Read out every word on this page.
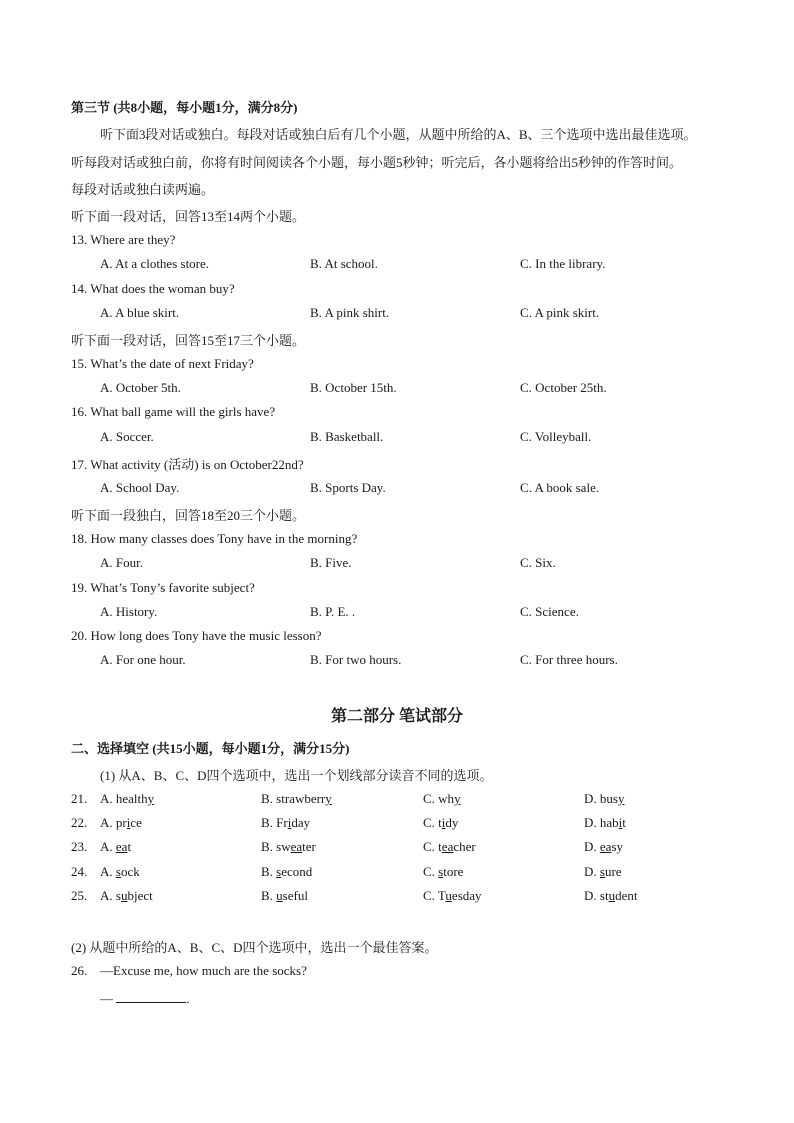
第三节 (共8小题，每小题1分，满分8分)
听下面3段对话或独白。每段对话或独白后有几个小题，从题中所给的A、B、三个选项中选出最佳选项。
听每段对话或独白前，你将有时间阅读各个小题，每小题5秒钟；听完后，各小题将给出5秒钟的作答时间。
每段对话或独白读两遍。
听下面一段对话，回答13至14两个小题。
13. Where are they?
A. At a clothes store.	B. At school.	C. In the library.
14. What does the woman buy?
A. A blue skirt.	B. A pink shirt.	C. A pink skirt.
听下面一段对话，回答15至17三个小题。
15. What’s the date of next Friday?
A. October 5th.	B. October 15th.	C. October 25th.
16. What ball game will the girls have?
A. Soccer.	B. Basketball.	C. Volleyball.
17. What activity (活动) is on October22nd?
A. School Day.	B. Sports Day.	C. A book sale.
听下面一段独白，回答18至20三个小题。
18. How many classes does Tony have in the morning?
A. Four.	B. Five.	C. Six.
19. What’s Tony’s favorite subject?
A. History.	B. P. E. .	C. Science.
20. How long does Tony have the music lesson?
A. For one hour.	B. For two hours.	C. For three hours.
第二部分 笔试部分
二、选择填空 (共15小题，每小题1分，满分15分)
(1) 从A、B、C、D四个选项中，选出一个划线部分读音不同的选项。
21. A. healthy	B. strawberry	C. why	D. busy
22. A. price	B. Friday	C. tidy	D. habit
23. A. eat	B. sweater	C. teacher	D. easy
24. A. sock	B. second	C. store	D. sure
25. A. subject	B. useful	C. Tuesday	D. student
(2) 从题中所给的A、B、C、D四个选项中，选出一个最佳答案。
26. —Excuse me, how much are the socks?
—	.
